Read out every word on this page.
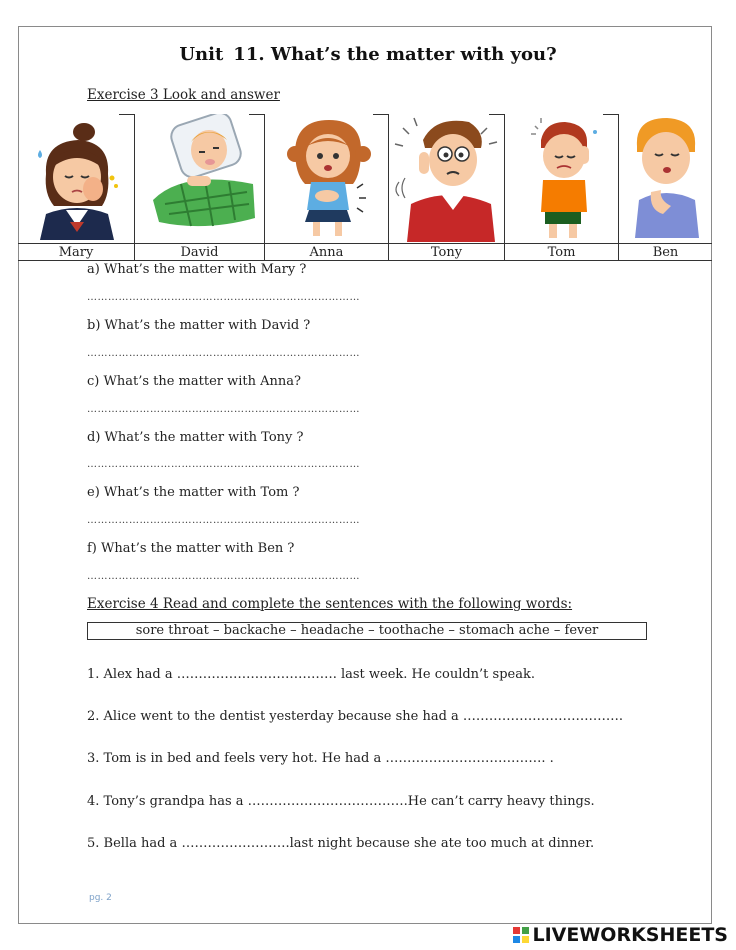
Unit 11. What’s the matter with you?
Exercise 3 Look and answer
Mary	David	Anna	Tony	Tom	Ben
a) What’s the matter with Mary ?
……………………………………………………………………
b) What’s the matter with David ?
……………………………………………………………………
c) What’s the matter with Anna?
……………………………………………………………………
d) What’s the matter with Tony ?
……………………………………………………………………
e) What’s the matter with Tom ?
……………………………………………………………………
f) What’s the matter with Ben ?
……………………………………………………………………
Exercise 4 Read and complete the sentences with the following words:
sore throat – backache – headache – toothache – stomach ache – fever
1. Alex had a ………………………………. last week. He couldn’t speak.
2. Alice went to the dentist yesterday because she had a ……………………………….
3. Tom is in bed and feels very hot. He had a ………………………………. .
4. Tony’s grandpa has a ……………………………….He can’t carry heavy things.
5. Bella had a …………………….last night because she ate too much at dinner.
pg. 2
LIVEWORKSHEETS
